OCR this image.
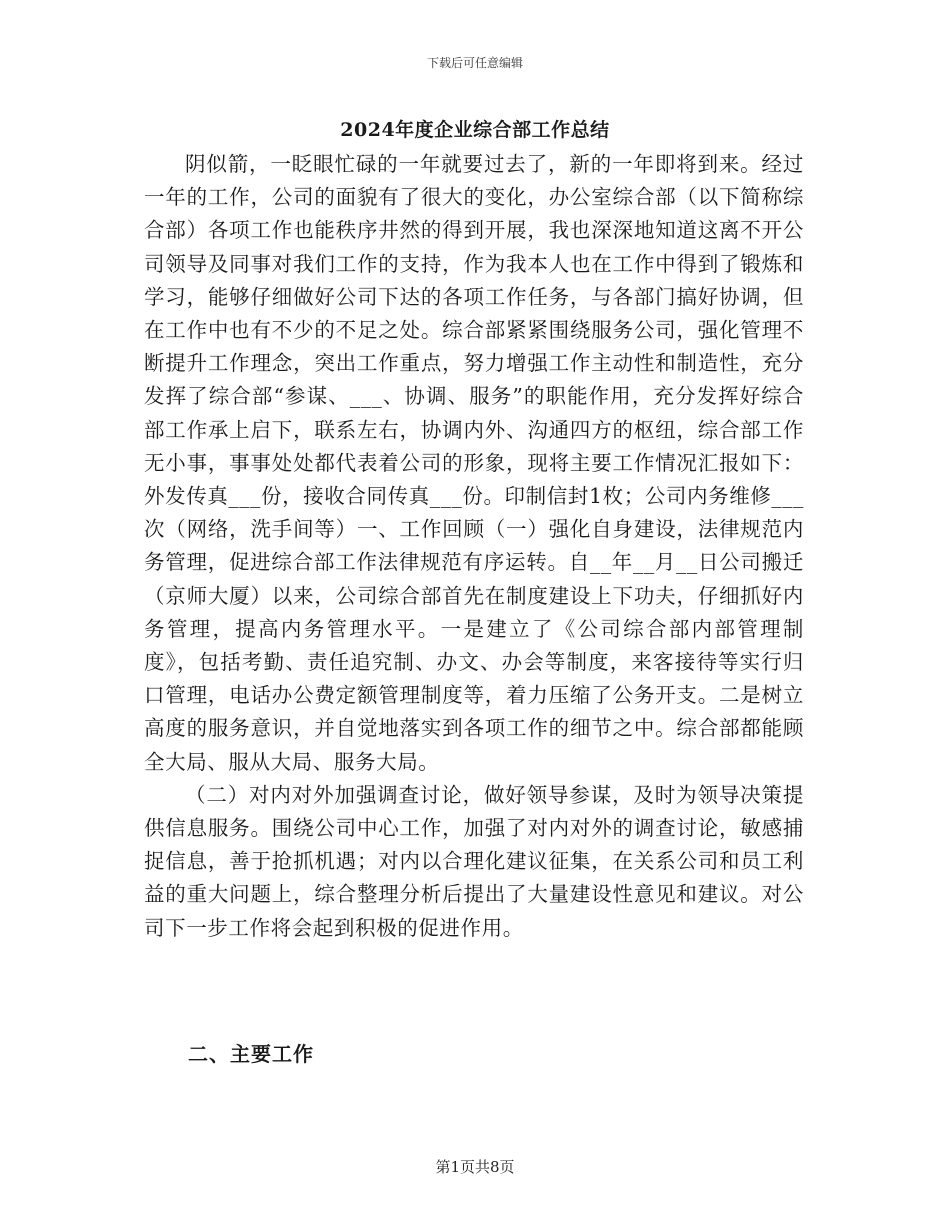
下载后可任意编辑
2024年度企业综合部工作总结

阴似箭，一眨眼忙碌的一年就要过去了，新的一年即将到来。经过一年的工作，公司的面貌有了很大的变化，办公室综合部（以下简称综合部）各项工作也能秩序井然的得到开展，我也深深地知道这离不开公司领导及同事对我们工作的支持，作为我本人也在工作中得到了锻炼和学习，能够仔细做好公司下达的各项工作任务，与各部门搞好协调，但在工作中也有不少的不足之处。综合部紧紧围绕服务公司，强化管理不断提升工作理念，突出工作重点，努力增强工作主动性和制造性，充分发挥了综合部“参谋、___、协调、服务”的职能作用，充分发挥好综合部工作承上启下，联系左右，协调内外、沟通四方的枢纽，综合部工作无小事，事事处处都代表着公司的形象，现将主要工作情况汇报如下：外发传真___份，接收合同传真___份。印制信封1枚；公司内务维修___次（网络，洗手间等）一、工作回顾（一）强化自身建设，法律规范内务管理，促进综合部工作法律规范有序运转。自__年__月__日公司搬迁（京师大厦）以来，公司综合部首先在制度建设上下功夫，仔细抓好内务管理，提高内务管理水平。一是建立了《公司综合部内部管理制度》，包括考勤、责任追究制、办文、办会等制度，来客接待等实行归口管理，电话办公费定额管理制度等，着力压缩了公务开支。二是树立高度的服务意识，并自觉地落实到各项工作的细节之中。综合部都能顾全大局、服从大局、服务大局。

（二）对内对外加强调查讨论，做好领导参谋，及时为领导决策提供信息服务。围绕公司中心工作，加强了对内对外的调查讨论，敏感捕捉信息，善于抢抓机遇；对内以合理化建议征集，在关系公司和员工利益的重大问题上，综合整理分析后提出了大量建设性意见和建议。对公司下一步工作将会起到积极的促进作用。

二、主要工作
第1页共8页
